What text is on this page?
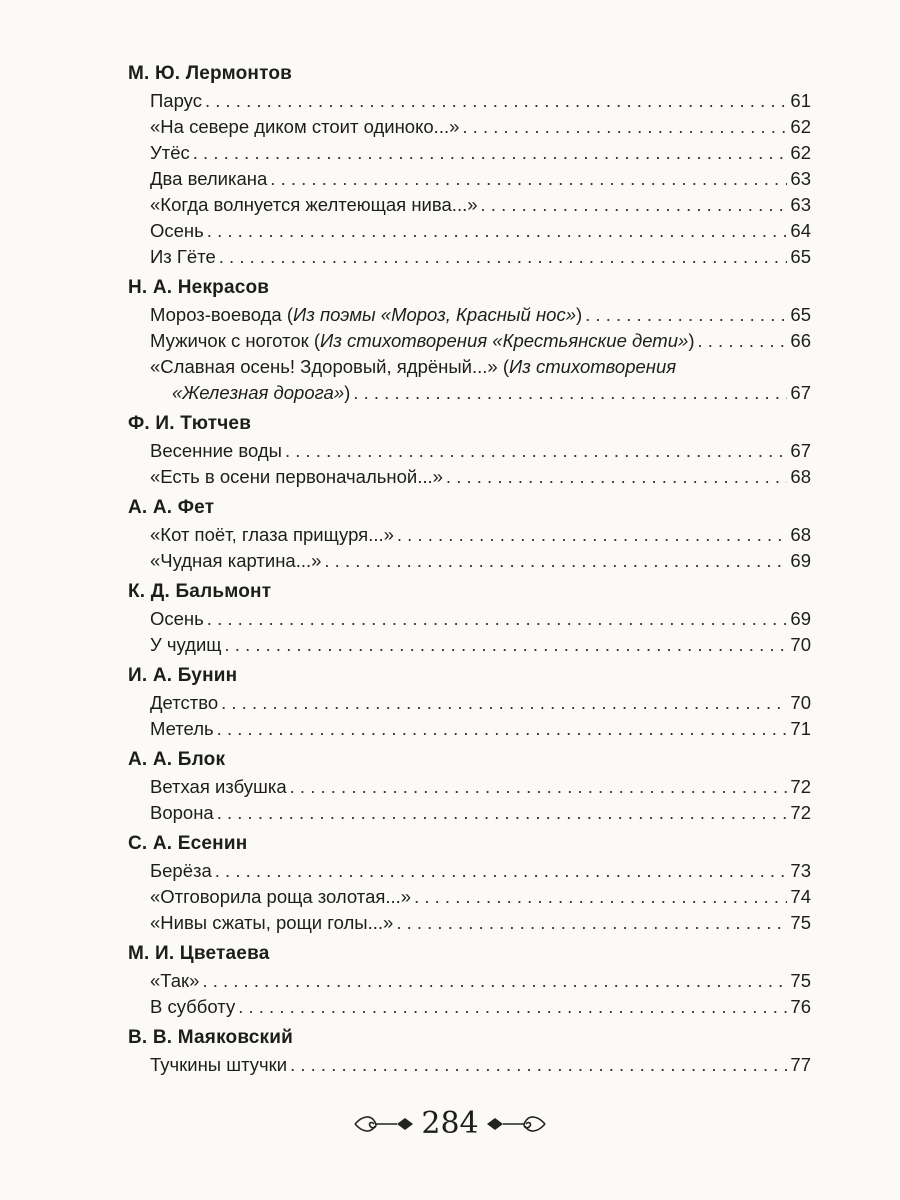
М. Ю. Лермонтов
Парус . . .	61
«На севере диком стоит одиноко...» . . .	62
Утёс . . .	62
Два великана . . .	63
«Когда волнуется желтеющая нива...» . . .	63
Осень . . .	64
Из Гёте . . .	65
Н. А. Некрасов
Мороз-воевода (Из поэмы «Мороз, Красный нос») . . .	65
Мужичок с ноготок (Из стихотворения «Крестьянские дети») . . .	66
«Славная осень! Здоровый, ядрёный...» (Из стихотворения
«Железная дорога» ) . . .	67
Ф. И. Тютчев
Весенние воды . . .	67
«Есть в осени первоначальной...» . . .	68
А. А. Фет
«Кот поёт, глаза прищуря...» . . .	68
«Чудная картина...» . . .	69
К. Д. Бальмонт
Осень . . .	69
У чудищ . . .	70
И. А. Бунин
Детство . . .	70
Метель . . .	71
А. А. Блок
Ветхая избушка . . .	72
Ворона . . .	72
С. А. Есенин
Берёза . . .	73
«Отговорила роща золотая...» . . .	74
«Нивы сжаты, рощи голы...» . . .	75
М. И. Цветаева
«Так» . . .	75
В субботу . . .	76
В. В. Маяковский
Тучкины штучки . . .	77
284
